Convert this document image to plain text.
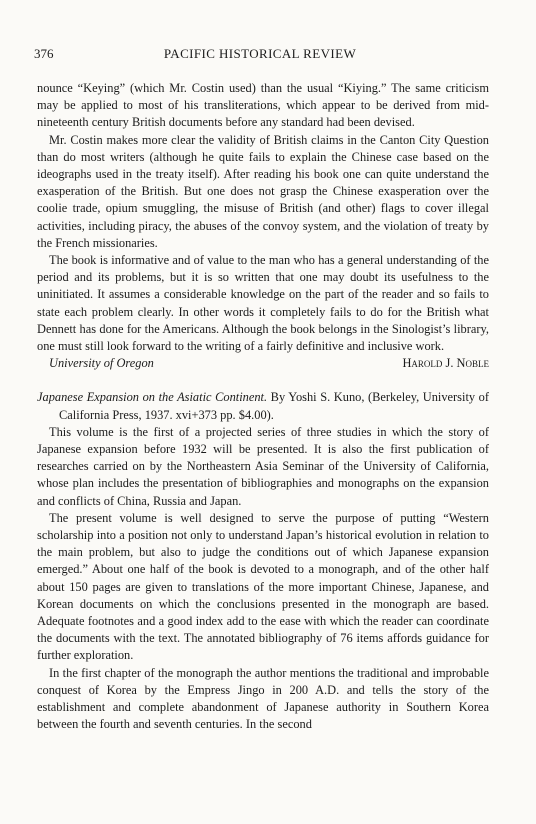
376	PACIFIC HISTORICAL REVIEW

nounce “Keying” (which Mr. Costin used) than the usual “Kiying.” The same criticism may be applied to most of his transliterations, which appear to be derived from mid-nineteenth century British documents before any standard had been devised.

Mr. Costin makes more clear the validity of British claims in the Canton City Question than do most writers (although he quite fails to explain the Chinese case based on the ideographs used in the treaty itself). After reading his book one can quite understand the exasperation of the British. But one does not grasp the Chinese exasperation over the coolie trade, opium smuggling, the misuse of British (and other) flags to cover illegal activities, including piracy, the abuses of the convoy system, and the violation of treaty by the French missionaries.

The book is informative and of value to the man who has a general understanding of the period and its problems, but it is so written that one may doubt its usefulness to the uninitiated. It assumes a considerable knowledge on the part of the reader and so fails to state each problem clearly. In other words it completely fails to do for the British what Dennett has done for the Americans. Although the book belongs in the Sinologist’s library, one must still look forward to the writing of a fairly definitive and inclusive work.

University of Oregon	Harold J. Noble

Japanese Expansion on the Asiatic Continent. By Yoshi S. Kuno, (Berkeley, University of California Press, 1937. xvi+373 pp. $4.00).

This volume is the first of a projected series of three studies in which the story of Japanese expansion before 1932 will be presented. It is also the first publication of researches carried on by the Northeastern Asia Seminar of the University of California, whose plan includes the presentation of bibliographies and monographs on the expansion and conflicts of China, Russia and Japan.

The present volume is well designed to serve the purpose of putting “Western scholarship into a position not only to understand Japan’s historical evolution in relation to the main problem, but also to judge the conditions out of which Japanese expansion emerged.” About one half of the book is devoted to a monograph, and of the other half about 150 pages are given to translations of the more important Chinese, Japanese, and Korean documents on which the conclusions presented in the monograph are based. Adequate footnotes and a good index add to the ease with which the reader can coordinate the documents with the text. The annotated bibliography of 76 items affords guidance for further exploration.

In the first chapter of the monograph the author mentions the traditional and improbable conquest of Korea by the Empress Jingo in 200 A.D. and tells the story of the establishment and complete abandonment of Japanese authority in Southern Korea between the fourth and seventh centuries. In the second
